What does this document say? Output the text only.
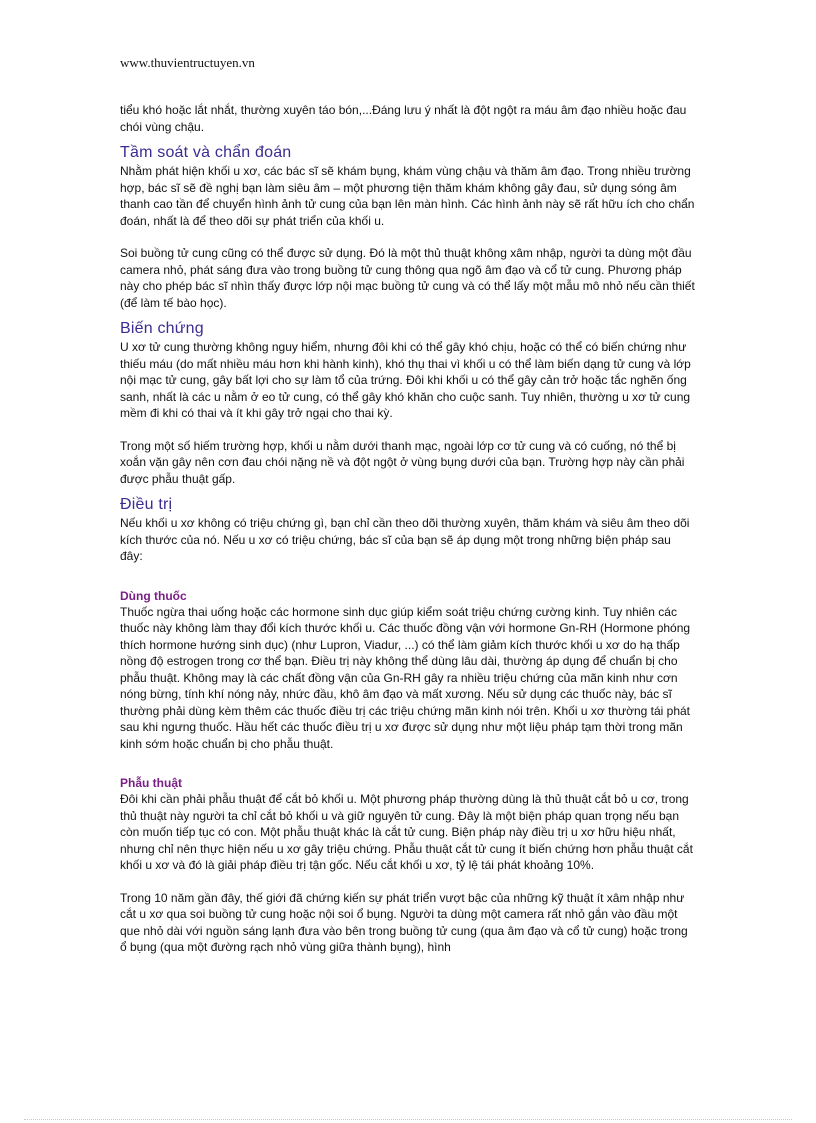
www.thuvientructuyen.vn

tiểu khó hoặc lắt nhắt, thường xuyên táo bón,...Đáng lưu ý nhất là đột ngột ra máu âm đạo nhiều hoặc đau chói vùng chậu.

Tầm soát và chẩn đoán

Nhằm phát hiện khối u xơ, các bác sĩ sẽ khám bụng, khám vùng chậu và thăm âm đạo. Trong nhiều trường hợp, bác sĩ sẽ đề nghị bạn làm siêu âm – một phương tiện thăm khám không gây đau, sử dụng sóng âm thanh cao tần để chuyển hình ảnh tử cung của bạn lên màn hình. Các hình ảnh này sẽ rất hữu ích cho chẩn đoán, nhất là để theo dõi sự phát triển của khối u.

Soi buồng tử cung cũng có thể được sử dụng. Đó là một thủ thuật không xâm nhập, người ta dùng một đầu camera nhỏ, phát sáng đưa vào trong buồng tử cung thông qua ngõ âm đạo và cổ tử cung. Phương pháp này cho phép bác sĩ nhìn thấy được lớp nội mạc buồng tử cung và có thể lấy một mẫu mô nhỏ nếu cần thiết (để làm tế bào học).

Biến chứng

U xơ tử cung thường không nguy hiểm, nhưng đôi khi có thể gây khó chịu, hoặc có thể có biến chứng như thiếu máu (do mất nhiều máu hơn khi hành kinh), khó thụ thai vì khối u có thể làm biến dạng tử cung và lớp nội mạc tử cung, gây bất lợi cho sự làm tổ của trứng. Đôi khi khối u có thể gây cản trở hoặc tắc nghẽn ống sanh, nhất là các u nằm ở eo tử cung, có thể gây khó khăn cho cuộc sanh. Tuy nhiên, thường u xơ tử cung mềm đi khi có thai và ít khi gây trở ngại cho thai kỳ.

Trong một số hiếm trường hợp, khối u nằm dưới thanh mạc, ngoài lớp cơ tử cung và có cuống, nó thể bị xoắn vặn gây nên cơn đau chói nặng nề và đột ngột ở vùng bụng dưới của bạn. Trường hợp này cần phải được phẫu thuật gấp.

Điều trị

Nếu khối u xơ không có triệu chứng gì, bạn chỉ cần theo dõi thường xuyên, thăm khám và siêu âm theo dõi kích thước của nó. Nếu u xơ có triệu chứng, bác sĩ của bạn sẽ áp dụng một trong những biện pháp sau đây:

Dùng thuốc

Thuốc ngừa thai uống hoặc các hormone sinh dục giúp kiểm soát triệu chứng cường kinh. Tuy nhiên các thuốc này không làm thay đổi kích thước khối u. Các thuốc đồng vận với hormone Gn-RH (Hormone phóng thích hormone hướng sinh dục) (như Lupron, Viadur, ...) có thể làm giảm kích thước khối u xơ do hạ thấp nồng độ estrogen trong cơ thể bạn. Điều trị này không thể dùng lâu dài, thường áp dụng để chuẩn bị cho phẫu thuật. Không may là các chất đồng vận của Gn-RH gây ra nhiều triệu chứng của mãn kinh như cơn nóng bừng, tính khí nóng nảy, nhức đầu, khô âm đạo và mất xương. Nếu sử dụng các thuốc này, bác sĩ thường phải dùng kèm thêm các thuốc điều trị các triệu chứng mãn kinh nói trên. Khối u xơ thường tái phát sau khi ngưng thuốc. Hầu hết các thuốc điều trị u xơ được sử dụng như một liệu pháp tạm thời trong mãn kinh sớm hoặc chuẩn bị cho phẫu thuật.

Phẫu thuật

Đôi khi cần phải phẫu thuật để cắt bỏ khối u. Một phương pháp thường dùng là thủ thuật cắt bỏ u cơ, trong thủ thuật này người ta chỉ cắt bỏ khối u và giữ nguyên tử cung. Đây là một biện pháp quan trọng nếu bạn còn muốn tiếp tục có con. Một phẫu thuật khác là cắt tử cung. Biện pháp này điều trị u xơ hữu hiệu nhất, nhưng chỉ nên thực hiện nếu u xơ gây triệu chứng. Phẫu thuật cắt tử cung ít biến chứng hơn phẫu thuật cắt khối u xơ và đó là giải pháp điều trị tận gốc. Nếu cắt khối u xơ, tỷ lệ tái phát khoảng 10%.

Trong 10 năm gần đây, thế giới đã chứng kiến sự phát triển vượt bậc của những kỹ thuật ít xâm nhập như cắt u xơ qua soi buồng tử cung hoặc nội soi ổ bụng. Người ta dùng một camera rất nhỏ gắn vào đầu một que nhỏ dài với nguồn sáng lạnh đưa vào bên trong buồng tử cung (qua âm đạo và cổ tử cung) hoặc trong ổ bụng (qua một đường rạch nhỏ vùng giữa thành bụng), hình
